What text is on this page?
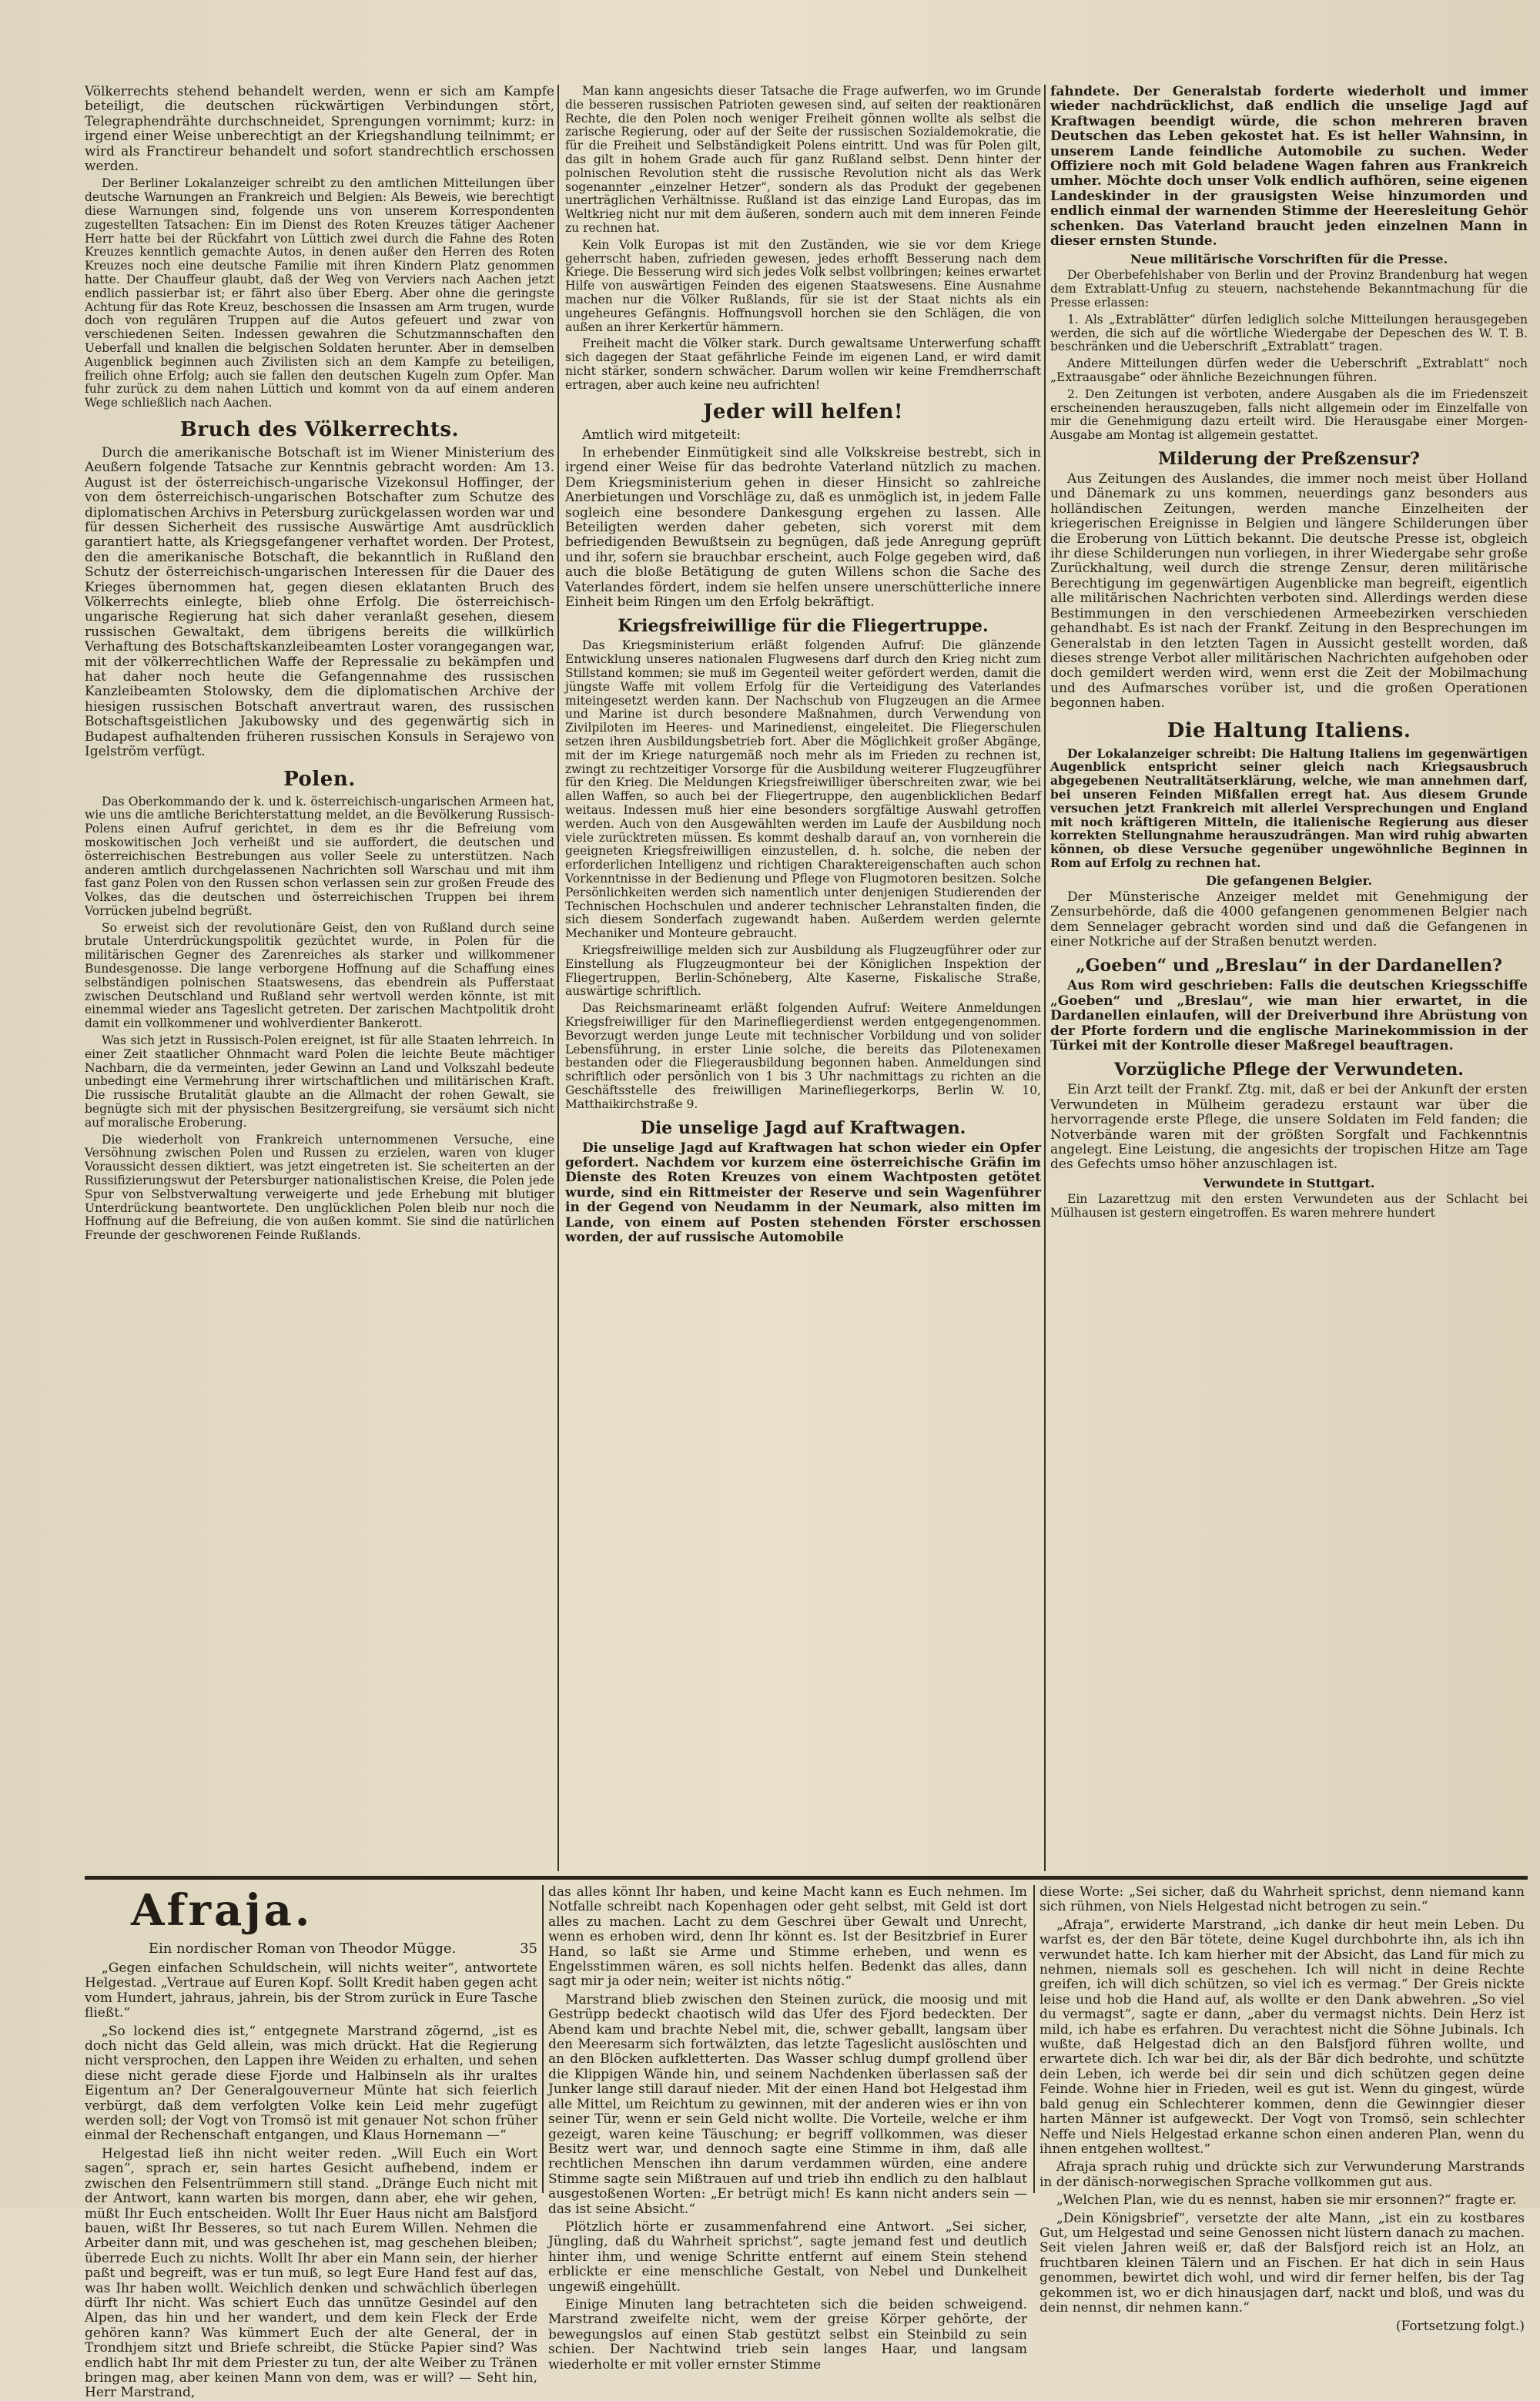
Völkerrechts stehend behandelt werden, wenn er sich am Kampfe beteiligt, die deutschen rückwärtigen Verbindungen stört, Telegraphendrähte durchschneidet, Sprengungen vornimmt; kurz: in irgend einer Weise unberechtigt an der Kriegshandlung teilnimmt; er wird als Franctireur behandelt und sofort standrechtlich erschossen werden.

Der Berliner Lokalanzeiger schreibt zu den amtlichen Mitteilungen über deutsche Warnungen an Frankreich und Belgien: Als Beweis, wie berechtigt diese Warnungen sind, folgende uns von unserem Korrespondenten zugestellten Tatsachen: Ein im Dienst des Roten Kreuzes tätiger Aachener Herr hatte bei der Rückfahrt von Lüttich zwei durch die Fahne des Roten Kreuzes kenntlich gemachte Autos, in denen außer den Herren des Roten Kreuzes noch eine deutsche Familie mit ihren Kindern Platz genommen hatte. Der Chauffeur glaubt, daß der Weg von Verviers nach Aachen jetzt endlich passierbar ist; er fährt also über Eberg. Aber ohne die geringste Achtung für das Rote Kreuz, beschossen die Insassen am Arm trugen, wurde doch von regulären Truppen auf die Autos gefeuert und zwar von verschiedenen Seiten. Indessen gewahren die Schutzmannschaften den Ueberfall und knallen die belgischen Soldaten herunter. Aber in demselben Augenblick beginnen auch Zivilisten sich an dem Kampfe zu beteiligen, freilich ohne Erfolg; auch sie fallen den deutschen Kugeln zum Opfer. Man fuhr zurück zu dem nahen Lüttich und kommt von da auf einem anderen Wege schließlich nach Aachen.

Bruch des Völkerrechts.

Durch die amerikanische Botschaft ist im Wiener Ministerium des Aeußern folgende Tatsache zur Kenntnis gebracht worden: Am 13. August ist der österreichisch-ungarische Vizekonsul Hoffinger, der von dem österreichisch-ungarischen Botschafter zum Schutze des diplomatischen Archivs in Petersburg zurückgelassen worden war und für dessen Sicherheit des russische Auswärtige Amt ausdrücklich garantiert hatte, als Kriegsgefangener verhaftet worden. Der Protest, den die amerikanische Botschaft, die bekanntlich in Rußland den Schutz der österreichisch-ungarischen Interessen für die Dauer des Krieges übernommen hat, gegen diesen eklatanten Bruch des Völkerrechts einlegte, blieb ohne Erfolg. Die österreichisch-ungarische Regierung hat sich daher veranlaßt gesehen, diesem russischen Gewaltakt, dem übrigens bereits die willkürlich Verhaftung des Botschaftskanzleibeamten Loster vorangegangen war, mit der völkerrechtlichen Waffe der Repressalie zu bekämpfen und hat daher noch heute die Gefangennahme des russischen Kanzleibeamten Stolowsky, dem die diplomatischen Archive der hiesigen russischen Botschaft anvertraut waren, des russischen Botschaftsgeistlichen Jakubowsky und des gegenwärtig sich in Budapest aufhaltenden früheren russischen Konsuls in Serajewo von Igelström verfügt.

Polen.

Das Oberkommando der k. und k. österreichisch-ungarischen Armeen hat, wie uns die amtliche Berichterstattung meldet, an die Bevölkerung Russisch-Polens einen Aufruf gerichtet, in dem es ihr die Befreiung vom moskowitischen Joch verheißt und sie auffordert, die deutschen und österreichischen Bestrebungen aus voller Seele zu unterstützen. Nach anderen amtlich durchgelassenen Nachrichten soll Warschau und mit ihm fast ganz Polen von den Russen schon verlassen sein zur großen Freude des Volkes, das die deutschen und österreichischen Truppen bei ihrem Vorrücken jubelnd begrüßt.

So erweist sich der revolutionäre Geist, den von Rußland durch seine brutale Unterdrückungspolitik gezüchtet wurde, in Polen für die militärischen Gegner des Zarenreiches als starker und willkommener Bundesgenosse. Die lange verborgene Hoffnung auf die Schaffung eines selbständigen polnischen Staatswesens, das ebendrein als Pufferstaat zwischen Deutschland und Rußland sehr wertvoll werden könnte, ist mit einemmal wieder ans Tageslicht getreten. Der zarischen Machtpolitik droht damit ein vollkommener und wohlverdienter Bankerott.

Was sich jetzt in Russisch-Polen ereignet, ist für alle Staaten lehrreich. In einer Zeit staatlicher Ohnmacht ward Polen die leichte Beute mächtiger Nachbarn, die da vermeinten, jeder Gewinn an Land und Volkszahl bedeute unbedingt eine Vermehrung ihrer wirtschaftlichen und militärischen Kraft. Die russische Brutalität glaubte an die Allmacht der rohen Gewalt, sie begnügte sich mit der physischen Besitzergreifung, sie versäumt sich nicht auf moralische Eroberung.

Die wiederholt von Frankreich unternommenen Versuche, eine Versöhnung zwischen Polen und Russen zu erzielen, waren von kluger Voraussicht dessen diktiert, was jetzt eingetreten ist. Sie scheiterten an der Russifizierungswut der Petersburger nationalistischen Kreise, die Polen jede Spur von Selbstverwaltung verweigerte und jede Erhebung mit blutiger Unterdrückung beantwortete. Den unglücklichen Polen bleib nur noch die Hoffnung auf die Befreiung, die von außen kommt. Sie sind die natürlichen Freunde der geschworenen Feinde Rußlands.

Man kann angesichts dieser Tatsache die Frage aufwerfen, wo im Grunde die besseren russischen Patrioten gewesen sind, auf seiten der reaktionären Rechte, die den Polen noch weniger Freiheit gönnen wollte als selbst die zarische Regierung, oder auf der Seite der russischen Sozialdemokratie, die für die Freiheit und Selbständigkeit Polens eintritt. Und was für Polen gilt, das gilt in hohem Grade auch für ganz Rußland selbst. Denn hinter der polnischen Revolution steht die russische Revolution nicht als das Werk sogenannter „einzelner Hetzer“, sondern als das Produkt der gegebenen unerträglichen Verhältnisse. Rußland ist das einzige Land Europas, das im Weltkrieg nicht nur mit dem äußeren, sondern auch mit dem inneren Feinde zu rechnen hat.

Kein Volk Europas ist mit den Zuständen, wie sie vor dem Kriege geherrscht haben, zufrieden gewesen, jedes erhofft Besserung nach dem Kriege. Die Besserung wird sich jedes Volk selbst vollbringen; keines erwartet Hilfe von auswärtigen Feinden des eigenen Staatswesens. Eine Ausnahme machen nur die Völker Rußlands, für sie ist der Staat nichts als ein ungeheures Gefängnis. Hoffnungsvoll horchen sie den Schlägen, die von außen an ihrer Kerkertür hämmern.

Freiheit macht die Völker stark. Durch gewaltsame Unterwerfung schafft sich dagegen der Staat gefährliche Feinde im eigenen Land, er wird damit nicht stärker, sondern schwächer. Darum wollen wir keine Fremdherrschaft ertragen, aber auch keine neu aufrichten!

Jeder will helfen!

Amtlich wird mitgeteilt:

In erhebender Einmütigkeit sind alle Volkskreise bestrebt, sich in irgend einer Weise für das bedrohte Vaterland nützlich zu machen. Dem Kriegsministerium gehen in dieser Hinsicht so zahlreiche Anerbietungen und Vorschläge zu, daß es unmöglich ist, in jedem Falle sogleich eine besondere Dankesgung ergehen zu lassen. Alle Beteiligten werden daher gebeten, sich vorerst mit dem befriedigenden Bewußtsein zu begnügen, daß jede Anregung geprüft und ihr, sofern sie brauchbar erscheint, auch Folge gegeben wird, daß auch die bloße Betätigung de guten Willens schon die Sache des Vaterlandes fördert, indem sie helfen unsere unerschütterliche innere Einheit beim Ringen um den Erfolg bekräftigt.

Kriegsfreiwillige für die Fliegertruppe.

Das Kriegsministerium erläßt folgenden Aufruf: Die glänzende Entwicklung unseres nationalen Flugwesens darf durch den Krieg nicht zum Stillstand kommen; sie muß im Gegenteil weiter gefördert werden, damit die jüngste Waffe mit vollem Erfolg für die Verteidigung des Vaterlandes miteingesetzt werden kann. Der Nachschub von Flugzeugen an die Armee und Marine ist durch besondere Maßnahmen, durch Verwendung von Zivilpiloten im Heeres- und Marinedienst, eingeleitet. Die Fliegerschulen setzen ihren Ausbildungsbetrieb fort. Aber die Möglichkeit großer Abgänge, mit der im Kriege naturgemäß noch mehr als im Frieden zu rechnen ist, zwingt zu rechtzeitiger Vorsorge für die Ausbildung weiterer Flugzeugführer für den Krieg. Die Meldungen Kriegsfreiwilliger überschreiten zwar, wie bei allen Waffen, so auch bei der Fliegertruppe, den augenblicklichen Bedarf weitaus. Indessen muß hier eine besonders sorgfältige Auswahl getroffen werden. Auch von den Ausgewählten werden im Laufe der Ausbildung noch viele zurücktreten müssen. Es kommt deshalb darauf an, von vornherein die geeigneten Kriegsfreiwilligen einzustellen, d. h. solche, die neben der erforderlichen Intelligenz und richtigen Charaktereigenschaften auch schon Vorkenntnisse in der Bedienung und Pflege von Flugmotoren besitzen. Solche Persönlichkeiten werden sich namentlich unter denjenigen Studierenden der Technischen Hochschulen und anderer technischer Lehranstalten finden, die sich diesem Sonderfach zugewandt haben. Außerdem werden gelernte Mechaniker und Monteure gebraucht.

Kriegsfreiwillige melden sich zur Ausbildung als Flugzeugführer oder zur Einstellung als Flugzeugmonteur bei der Königlichen Inspektion der Fliegertruppen, Berlin-Schöneberg, Alte Kaserne, Fiskalische Straße, auswärtige schriftlich.

Das Reichsmarineamt erläßt folgenden Aufruf: Weitere Anmeldungen Kriegsfreiwilliger für den Marinefliegerdienst werden entgegengenommen. Bevorzugt werden junge Leute mit technischer Vorbildung und von solider Lebensführung, in erster Linie solche, die bereits das Pilotenexamen bestanden oder die Fliegerausbildung begonnen haben. Anmeldungen sind schriftlich oder persönlich von 1 bis 3 Uhr nachmittags zu richten an die Geschäftsstelle des freiwilligen Marinefliegerkorps, Berlin W. 10, Matthaikirchstraße 9.

Die unselige Jagd auf Kraftwagen.

Die unselige Jagd auf Kraftwagen hat schon wieder ein Opfer gefordert. Nachdem vor kurzem eine österreichische Gräfin im Dienste des Roten Kreuzes von einem Wachtposten getötet wurde, sind ein Rittmeister der Reserve und sein Wagenführer in der Gegend von Neudamm in der Neumark, also mitten im Lande, von einem auf Posten stehenden Förster erschossen worden, der auf russische Automobile

fahndete. Der Generalstab forderte wiederholt und immer wieder nachdrücklichst, daß endlich die unselige Jagd auf Kraftwagen beendigt würde, die schon mehreren braven Deutschen das Leben gekostet hat. Es ist heller Wahnsinn, in unserem Lande feindliche Automobile zu suchen. Weder Offiziere noch mit Gold beladene Wagen fahren aus Frankreich umher. Möchte doch unser Volk endlich aufhören, seine eigenen Landeskinder in der grausigsten Weise hinzumorden und endlich einmal der warnenden Stimme der Heeresleitung Gehör schenken. Das Vaterland braucht jeden einzelnen Mann in dieser ernsten Stunde.

Neue militärische Vorschriften für die Presse.

Der Oberbefehlshaber von Berlin und der Provinz Brandenburg hat wegen dem Extrablatt-Unfug zu steuern, nachstehende Bekanntmachung für die Presse erlassen:

1. Als „Extrablätter“ dürfen lediglich solche Mitteilungen herausgegeben werden, die sich auf die wörtliche Wiedergabe der Depeschen des W. T. B. beschränken und die Ueberschrift „Extrablatt“ tragen.

Andere Mitteilungen dürfen weder die Ueberschrift „Extrablatt“ noch „Extraausgabe“ oder ähnliche Bezeichnungen führen.

2. Den Zeitungen ist verboten, andere Ausgaben als die im Friedenszeit erscheinenden herauszugeben, falls nicht allgemein oder im Einzelfalle von mir die Genehmigung dazu erteilt wird. Die Herausgabe einer Morgen-Ausgabe am Montag ist allgemein gestattet.

Milderung der Preßzensur?

Aus Zeitungen des Auslandes, die immer noch meist über Holland und Dänemark zu uns kommen, neuerdings ganz besonders aus holländischen Zeitungen, werden manche Einzelheiten der kriegerischen Ereignisse in Belgien und längere Schilderungen über die Eroberung von Lüttich bekannt. Die deutsche Presse ist, obgleich ihr diese Schilderungen nun vorliegen, in ihrer Wiedergabe sehr große Zurückhaltung, weil durch die strenge Zensur, deren militärische Berechtigung im gegenwärtigen Augenblicke man begreift, eigentlich alle militärischen Nachrichten verboten sind. Allerdings werden diese Bestimmungen in den verschiedenen Armeebezirken verschieden gehandhabt. Es ist nach der Frankf. Zeitung in den Besprechungen im Generalstab in den letzten Tagen in Aussicht gestellt worden, daß dieses strenge Verbot aller militärischen Nachrichten aufgehoben oder doch gemildert werden wird, wenn erst die Zeit der Mobilmachung und des Aufmarsches vorüber ist, und die großen Operationen begonnen haben.

Die Haltung Italiens.

Der Lokalanzeiger schreibt: Die Haltung Italiens im gegenwärtigen Augenblick entspricht seiner gleich nach Kriegsausbruch abgegebenen Neutralitätserklärung, welche, wie man annehmen darf, bei unseren Feinden Mißfallen erregt hat. Aus diesem Grunde versuchen jetzt Frankreich mit allerlei Versprechungen und England mit noch kräftigeren Mitteln, die italienische Regierung aus dieser korrekten Stellungnahme herauszudrängen. Man wird ruhig abwarten können, ob diese Versuche gegenüber ungewöhnliche Beginnen in Rom auf Erfolg zu rechnen hat.

Die gefangenen Belgier.

Der Münsterische Anzeiger meldet mit Genehmigung der Zensurbehörde, daß die 4000 gefangenen genommenen Belgier nach dem Sennelager gebracht worden sind und daß die Gefangenen in einer Notkriche auf der Straßen benutzt werden.

„Goeben“ und „Breslau“ in der Dardanellen?

Aus Rom wird geschrieben: Falls die deutschen Kriegsschiffe „Goeben“ und „Breslau“, wie man hier erwartet, in die Dardanellen einlaufen, will der Dreiverbund ihre Abrüstung von der Pforte fordern und die englische Marinekommission in der Türkei mit der Kontrolle dieser Maßregel beauftragen.

Vorzügliche Pflege der Verwundeten.

Ein Arzt teilt der Frankf. Ztg. mit, daß er bei der Ankunft der ersten Verwundeten in Mülheim geradezu erstaunt war über die hervorragende erste Pflege, die unsere Soldaten im Feld fanden; die Notverbände waren mit der größten Sorgfalt und Fachkenntnis angelegt. Eine Leistung, die angesichts der tropischen Hitze am Tage des Gefechts umso höher anzuschlagen ist.

Verwundete in Stuttgart.

Ein Lazarettzug mit den ersten Verwundeten aus der Schlacht bei Mülhausen ist gestern eingetroffen. Es waren mehrere hundert

Afraja.
Ein nordischer Roman von Theodor Mügge.	35

„Gegen einfachen Schuldschein, will nichts weiter“, antwortete Helgestad. „Vertraue auf Euren Kopf. Sollt Kredit haben gegen acht vom Hundert, jahraus, jahrein, bis der Strom zurück in Eure Tasche fließt.“

„So lockend dies ist,“ entgegnete Marstrand zögernd, „ist es doch nicht das Geld allein, was mich drückt. Hat die Regierung nicht versprochen, den Lappen ihre Weiden zu erhalten, und sehen diese nicht gerade diese Fjorde und Halbinseln als ihr uraltes Eigentum an? Der Generalgouverneur Münte hat sich feierlich verbürgt, daß dem verfolgten Volke kein Leid mehr zugefügt werden soll; der Vogt von Tromsö ist mit genauer Not schon früher einmal der Rechenschaft entgangen, und Klaus Hornemann —“

Helgestad ließ ihn nicht weiter reden. „Will Euch ein Wort sagen“, sprach er, sein hartes Gesicht aufhebend, indem er zwischen den Felsentrümmern still stand. „Dränge Euch nicht mit der Antwort, kann warten bis morgen, dann aber, ehe wir gehen, müßt Ihr Euch entscheiden. Wollt Ihr Euer Haus nicht am Balsfjord bauen, wißt Ihr Besseres, so tut nach Eurem Willen. Nehmen die Arbeiter dann mit, und was geschehen ist, mag geschehen bleiben; überrede Euch zu nichts. Wollt Ihr aber ein Mann sein, der hierher paßt und begreift, was er tun muß, so legt Eure Hand fest auf das, was Ihr haben wollt. Weichlich denken und schwächlich überlegen dürft Ihr nicht. Was schiert Euch das unnütze Gesindel auf den Alpen, das hin und her wandert, und dem kein Fleck der Erde gehören kann? Was kümmert Euch der alte General, der in Trondhjem sitzt und Briefe schreibt, die Stücke Papier sind? Was endlich habt Ihr mit dem Priester zu tun, der alte Weiber zu Tränen bringen mag, aber keinen Mann von dem, was er will? — Seht hin, Herr Marstrand,

das alles könnt Ihr haben, und keine Macht kann es Euch nehmen. Im Notfalle schreibt nach Kopenhagen oder geht selbst, mit Geld ist dort alles zu machen. Lacht zu dem Geschrei über Gewalt und Unrecht, wenn es erhoben wird, denn Ihr könnt es. Ist der Besitzbrief in Eurer Hand, so laßt sie Arme und Stimme erheben, und wenn es Engelsstimmen wären, es soll nichts helfen. Bedenkt das alles, dann sagt mir ja oder nein; weiter ist nichts nötig.“

Marstrand blieb zwischen den Steinen zurück, die moosig und mit Gestrüpp bedeckt chaotisch wild das Ufer des Fjord bedeckten. Der Abend kam und brachte Nebel mit, die, schwer geballt, langsam über den Meeresarm sich fortwälzten, das letzte Tageslicht auslöschten und an den Blöcken aufkletterten. Das Wasser schlug dumpf grollend über die Klippigen Wände hin, und seinem Nachdenken überlassen saß der Junker lange still darauf nieder. Mit der einen Hand bot Helgestad ihm alle Mittel, um Reichtum zu gewinnen, mit der anderen wies er ihn von seiner Tür, wenn er sein Geld nicht wollte. Die Vorteile, welche er ihm gezeigt, waren keine Täuschung; er begriff vollkommen, was dieser Besitz wert war, und dennoch sagte eine Stimme in ihm, daß alle rechtlichen Menschen ihn darum verdammen würden, eine andere Stimme sagte sein Mißtrauen auf und trieb ihn endlich zu den halblaut ausgestoßenen Worten: „Er betrügt mich! Es kann nicht anders sein — das ist seine Absicht.“

Plötzlich hörte er zusammenfahrend eine Antwort. „Sei sicher, Jüngling, daß du Wahrheit sprichst“, sagte jemand fest und deutlich hinter ihm, und wenige Schritte entfernt auf einem Stein stehend erblickte er eine menschliche Gestalt, von Nebel und Dunkelheit ungewiß eingehüllt.

Einige Minuten lang betrachteten sich die beiden schweigend. Marstrand zweifelte nicht, wem der greise Körper gehörte, der bewegungslos auf einen Stab gestützt selbst ein Steinbild zu sein schien. Der Nachtwind trieb sein langes Haar, und langsam wiederholte er mit voller ernster Stimme

diese Worte: „Sei sicher, daß du Wahrheit sprichst, denn niemand kann sich rühmen, von Niels Helgestad nicht betrogen zu sein.“

„Afraja“, erwiderte Marstrand, „ich danke dir heut mein Leben. Du warfst es, der den Bär tötete, deine Kugel durchbohrte ihn, als ich ihn verwundet hatte. Ich kam hierher mit der Absicht, das Land für mich zu nehmen, niemals soll es geschehen. Ich will nicht in deine Rechte greifen, ich will dich schützen, so viel ich es vermag.“ Der Greis nickte leise und hob die Hand auf, als wollte er den Dank abwehren. „So viel du vermagst“, sagte er dann, „aber du vermagst nichts. Dein Herz ist mild, ich habe es erfahren. Du verachtest nicht die Söhne Jubinals. Ich wußte, daß Helgestad dich an den Balsfjord führen wollte, und erwartete dich. Ich war bei dir, als der Bär dich bedrohte, und schützte dein Leben, ich werde bei dir sein und dich schützen gegen deine Feinde. Wohne hier in Frieden, weil es gut ist. Wenn du gingest, würde bald genug ein Schlechterer kommen, denn die Gewinngier dieser harten Männer ist aufgeweckt. Der Vogt von Tromsö, sein schlechter Neffe und Niels Helgestad erkanne schon einen anderen Plan, wenn du ihnen entgehen wolltest.“

Afraja sprach ruhig und drückte sich zur Verwunderung Marstrands in der dänisch-norwegischen Sprache vollkommen gut aus.

„Welchen Plan, wie du es nennst, haben sie mir ersonnen?“ fragte er.

„Dein Königsbrief“, versetzte der alte Mann, „ist ein zu kostbares Gut, um Helgestad und seine Genossen nicht lüstern danach zu machen. Seit vielen Jahren weiß er, daß der Balsfjord reich ist an Holz, an fruchtbaren kleinen Tälern und an Fischen. Er hat dich in sein Haus genommen, bewirtet dich wohl, und wird dir ferner helfen, bis der Tag gekommen ist, wo er dich hinausjagen darf, nackt und bloß, und was du dein nennst, dir nehmen kann.“

(Fortsetzung folgt.)
